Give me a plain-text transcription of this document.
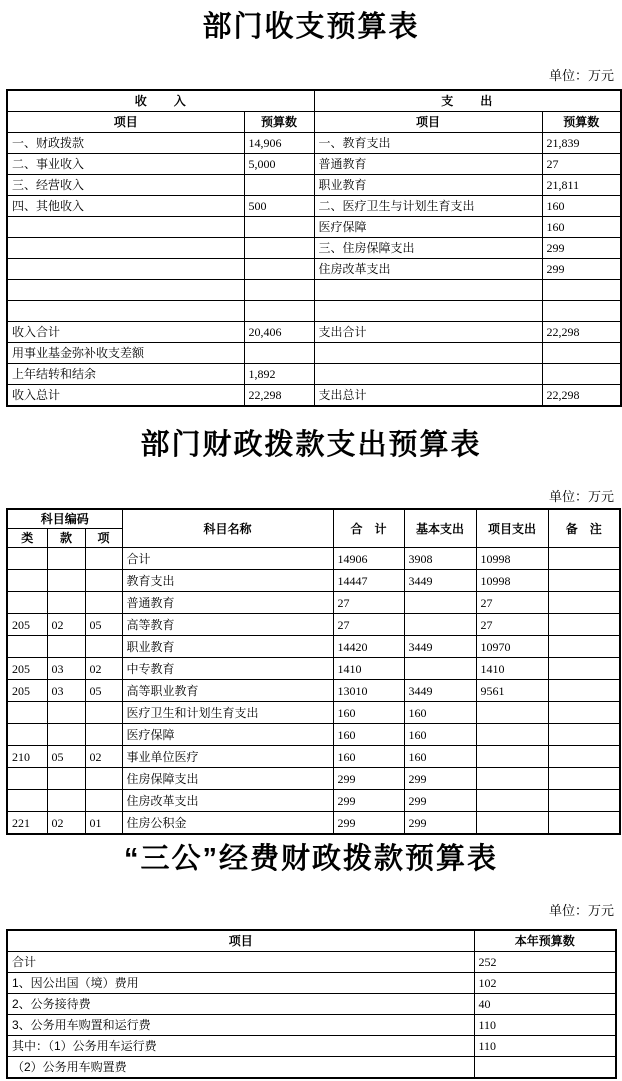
部门收支预算表
单位：万元
收　　入		支　　出	
项目	预算数	项目	预算数
一、财政拨款	14,906	一、教育支出	21,839
二、事业收入	5,000	普通教育	27
三、经营收入		职业教育	21,811
四、其他收入	500	二、医疗卫生与计划生育支出	160
		医疗保障	160
		三、住房保障支出	299
		住房改革支出	299

收入合计	20,406	支出合计	22,298
用事业基金弥补收支差额			
上年结转和结余	1,892		
收入总计	22,298	支出总计	22,298
部门财政拨款支出预算表
单位：万元
科目编码			科目名称	合　计	基本支出	项目支出	备　注
类	款	项					
			合计	14906	3908	10998	
			教育支出	14447	3449	10998	
			普通教育	27		27	
205	02	05	高等教育	27		27	
			职业教育	14420	3449	10970	
205	03	02	中专教育	1410		1410	
205	03	05	高等职业教育	13010	3449	9561	
			医疗卫生和计划生育支出	160	160		
			医疗保障	160	160		
210	05	02	事业单位医疗	160	160		
			住房保障支出	299	299		
			住房改革支出	299	299		
221	02	01	住房公积金	299	299		
“三公”经费财政拨款预算表
单位：万元
项目	本年预算数
合计	252
1、因公出国（境）费用	102
2、公务接待费	40
3、公务用车购置和运行费	110
其中：（1）公务用车运行费	110
（2）公务用车购置费	
